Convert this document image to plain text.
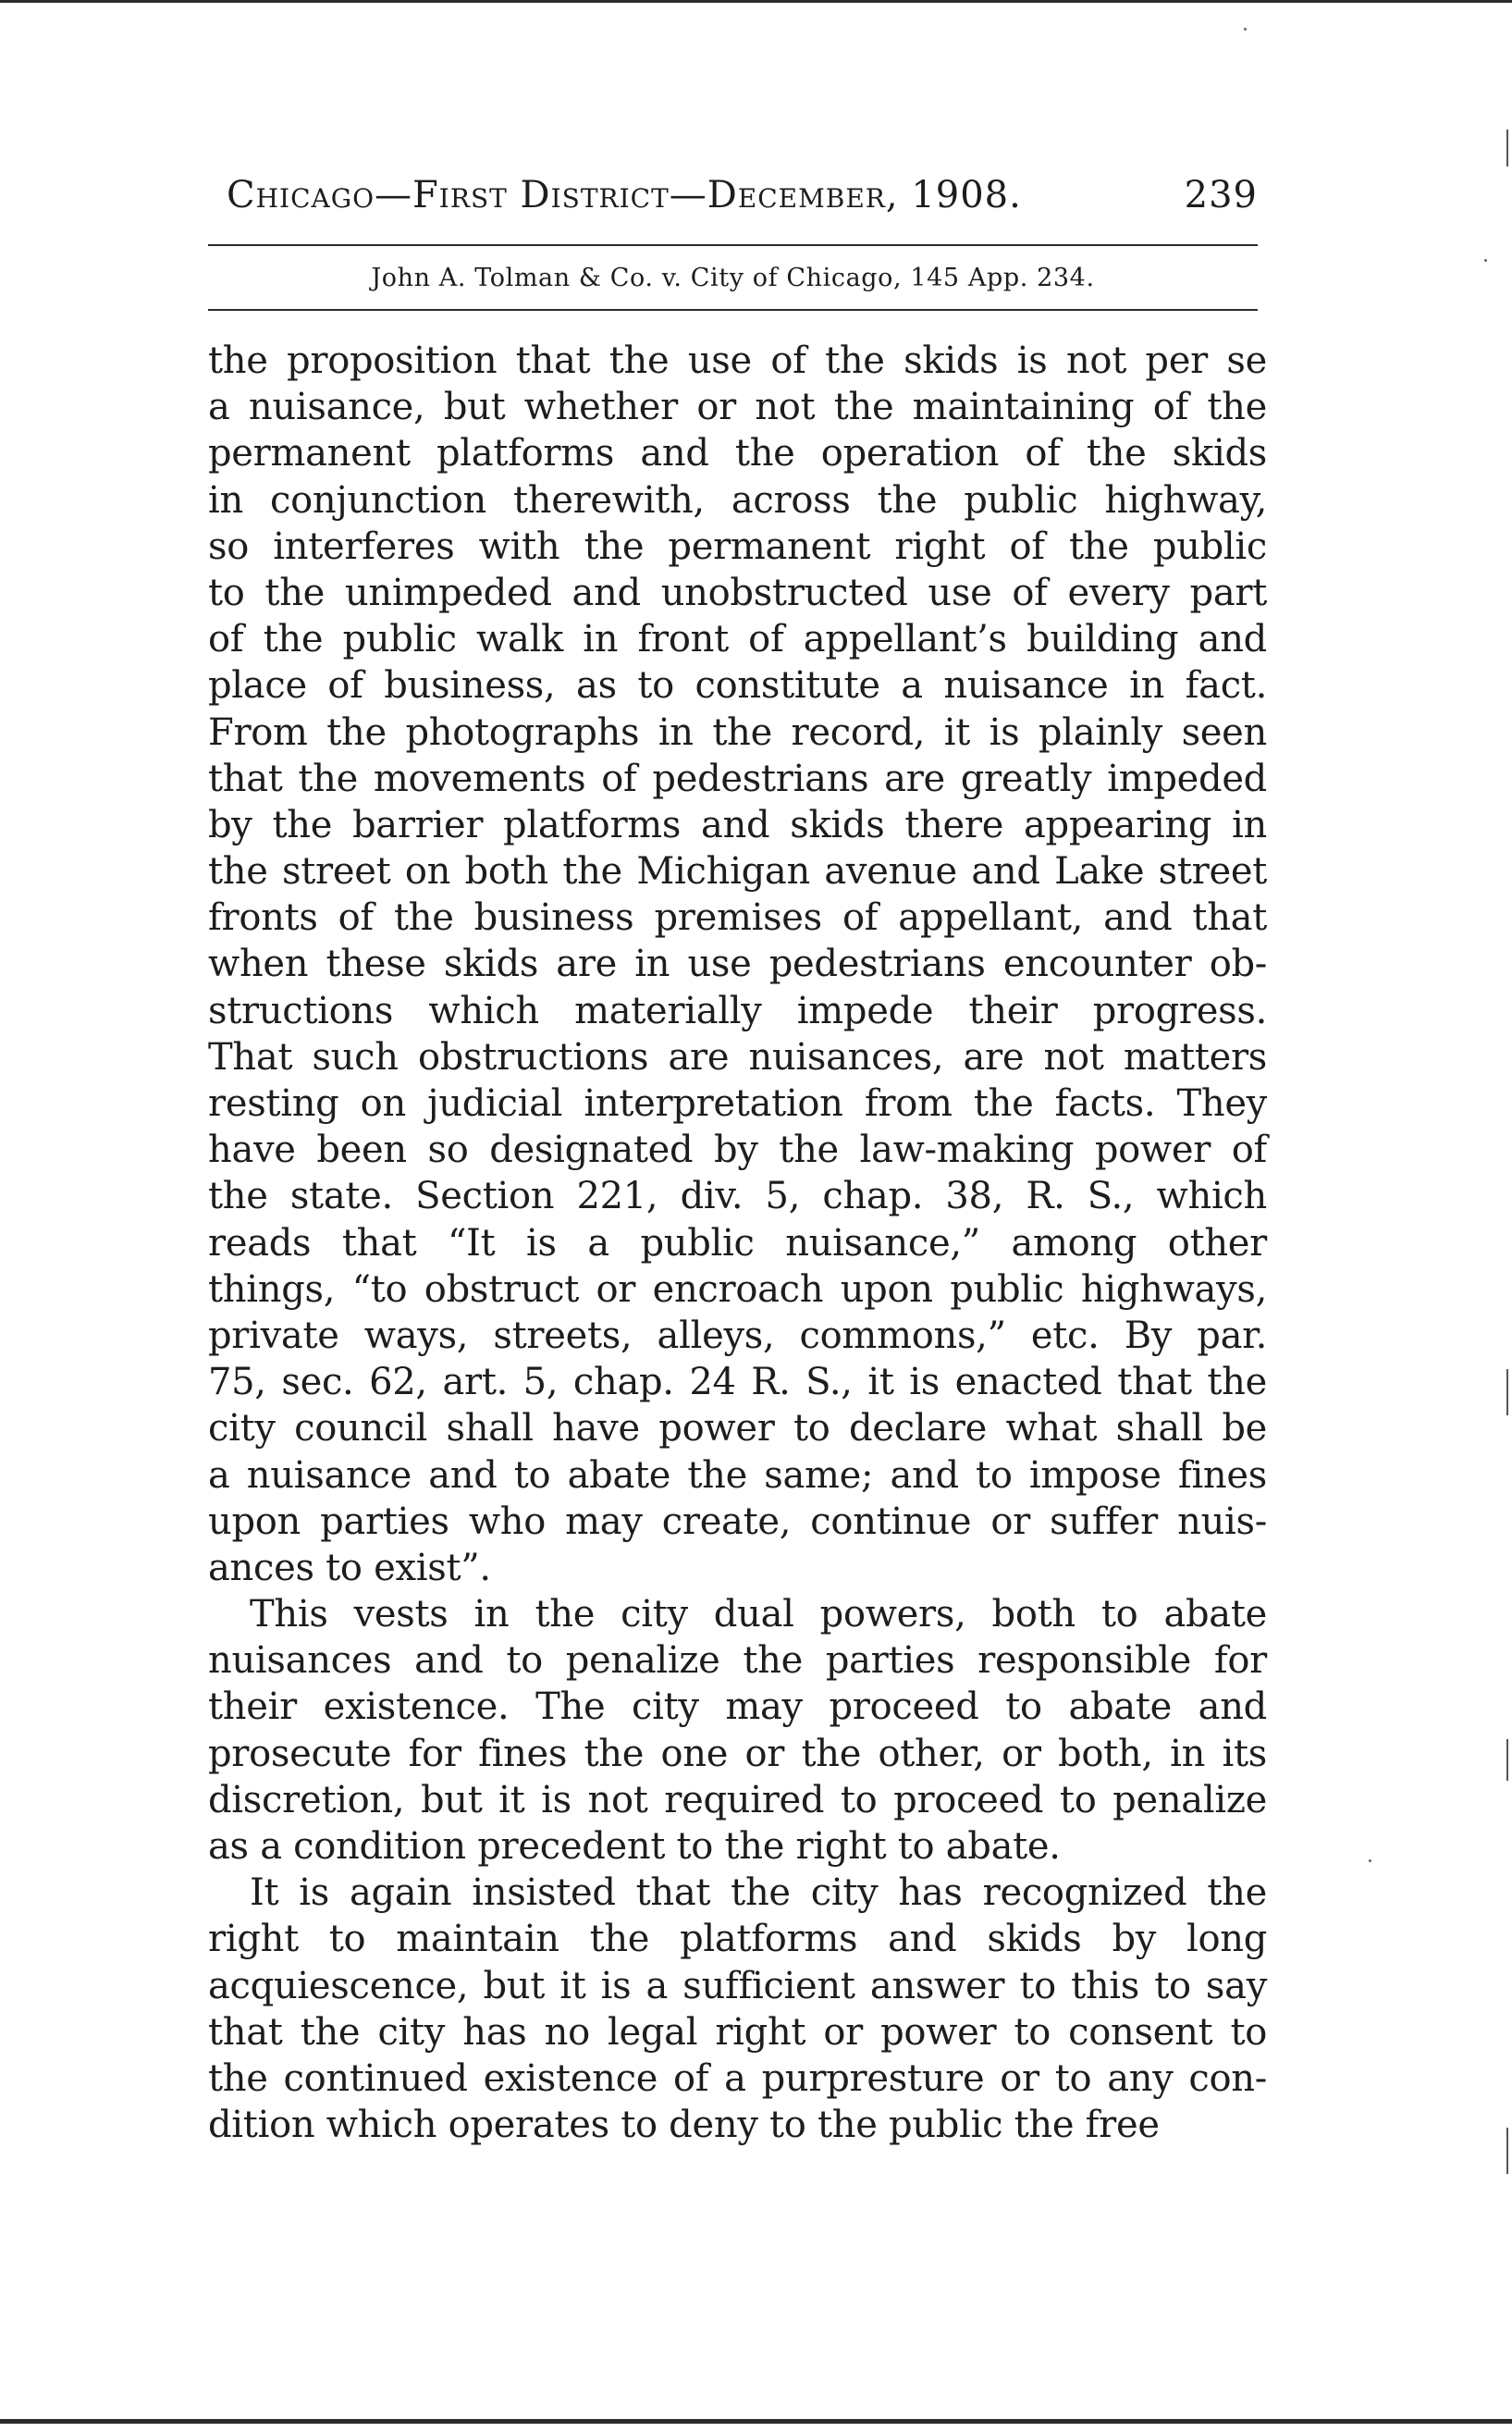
Chicago—First District—December, 1908.	239
John A. Tolman & Co. v. City of Chicago, 145 App. 234.
the proposition that the use of the skids is not per se
a nuisance, but whether or not the maintaining of the
permanent platforms and the operation of the skids
in conjunction therewith, across the public highway,
so interferes with the permanent right of the public
to the unimpeded and unobstructed use of every part
of the public walk in front of appellant’s building and
place of business, as to constitute a nuisance in fact.
From the photographs in the record, it is plainly seen
that the movements of pedestrians are greatly impeded
by the barrier platforms and skids there appearing in
the street on both the Michigan avenue and Lake street
fronts of the business premises of appellant, and that
when these skids are in use pedestrians encounter ob-
structions which materially impede their progress.
That such obstructions are nuisances, are not matters
resting on judicial interpretation from the facts. They
have been so designated by the law-making power of
the state. Section 221, div. 5, chap. 38, R. S., which
reads that “It is a public nuisance,” among other
things, “to obstruct or encroach upon public highways,
private ways, streets, alleys, commons,” etc. By par.
75, sec. 62, art. 5, chap. 24 R. S., it is enacted that the
city council shall have power to declare what shall be
a nuisance and to abate the same; and to impose fines
upon parties who may create, continue or suffer nuis-
ances to exist”.
This vests in the city dual powers, both to abate
nuisances and to penalize the parties responsible for
their existence. The city may proceed to abate and
prosecute for fines the one or the other, or both, in its
discretion, but it is not required to proceed to penalize
as a condition precedent to the right to abate.
It is again insisted that the city has recognized the
right to maintain the platforms and skids by long
acquiescence, but it is a sufficient answer to this to say
that the city has no legal right or power to consent to
the continued existence of a purpresture or to any con-
dition which operates to deny to the public the free
